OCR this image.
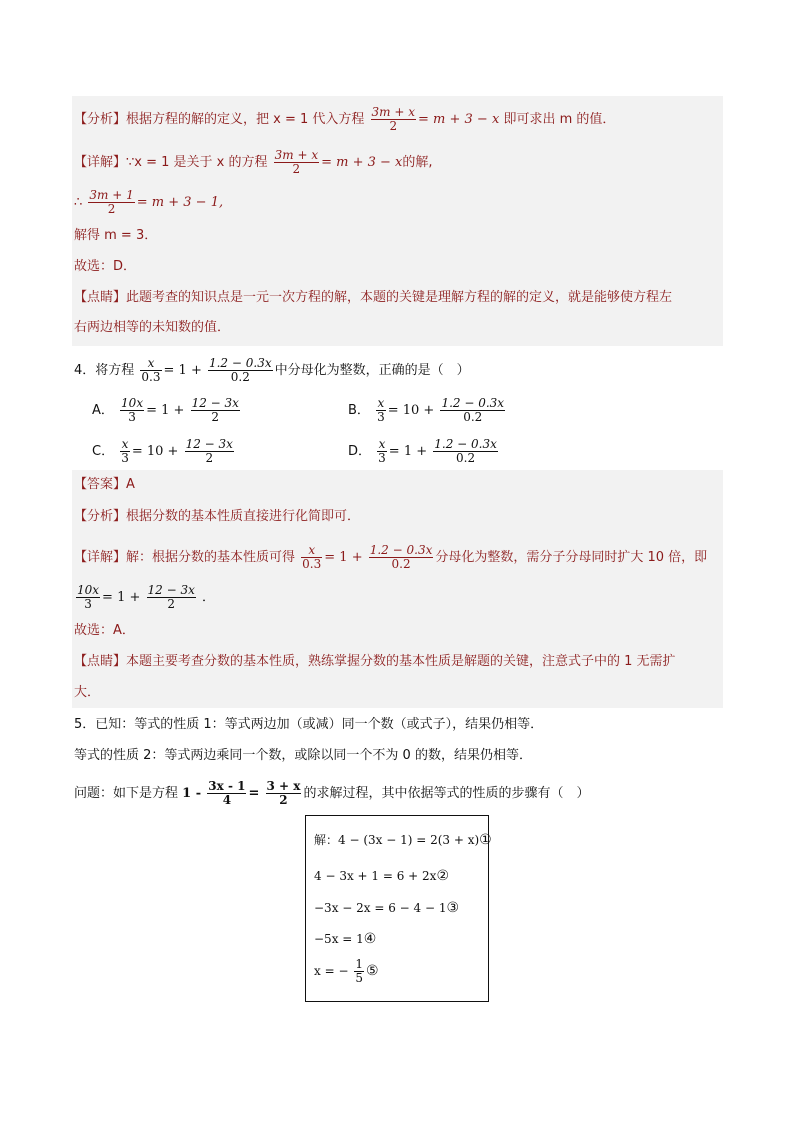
【分析】根据方程的解的定义，把 x = 1 代入方程 $\frac{3m + x}{2} = m + 3 - x$ 即可求出 m 的值．
【详解】∵x = 1 是关于 x 的方程 $\frac{3m + x}{2} = m + 3 - x$的解,
∴ $\frac{3m + 1}{2} = m + 3 - 1$,
解得 m = 3．
故选：D．
【点睛】此题考查的知识点是一元一次方程的解，本题的关键是理解方程的解的定义，就是能够使方程左
右两边相等的未知数的值．
4．将方程 $\frac{x}{0.3} = 1 + \frac{1.2 - 0.3x}{0.2}$ 中分母化为整数，正确的是（　）
A． $\frac{10x}{3} = 1 + \frac{12 - 3x}{2}$	B． $\frac{x}{3} = 10 + \frac{1.2 - 0.3x}{0.2}$
C． $\frac{x}{3} = 10 + \frac{12 - 3x}{2}$	D． $\frac{x}{3} = 1 + \frac{1.2 - 0.3x}{0.2}$
【答案】A
【分析】根据分数的基本性质直接进行化简即可．
【详解】解：根据分数的基本性质可得 $\frac{x}{0.3} = 1 + \frac{1.2 - 0.3x}{0.2}$ 分母化为整数，需分子分母同时扩大 10 倍，即
$\frac{10x}{3} = 1 + \frac{12 - 3x}{2}$ ．
故选：A．
【点睛】本题主要考查分数的基本性质，熟练掌握分数的基本性质是解题的关键，注意式子中的 1 无需扩
大．
5．已知：等式的性质 1：等式两边加（或减）同一个数（或式子），结果仍相等．
等式的性质 2：等式两边乘同一个数，或除以同一个不为 0 的数，结果仍相等．
问题：如下是方程 $1 - \frac{3x - 1}{4} = \frac{3 + x}{2}$ 的求解过程，其中依据等式的性质的步骤有（　）
解：4 − (3x − 1) = 2(3 + x)①
4 − 3x + 1 = 6 + 2x②
−3x − 2x = 6 − 4 − 1③
−5x = 1④
x = − $\frac{1}{5}$ ⑤
